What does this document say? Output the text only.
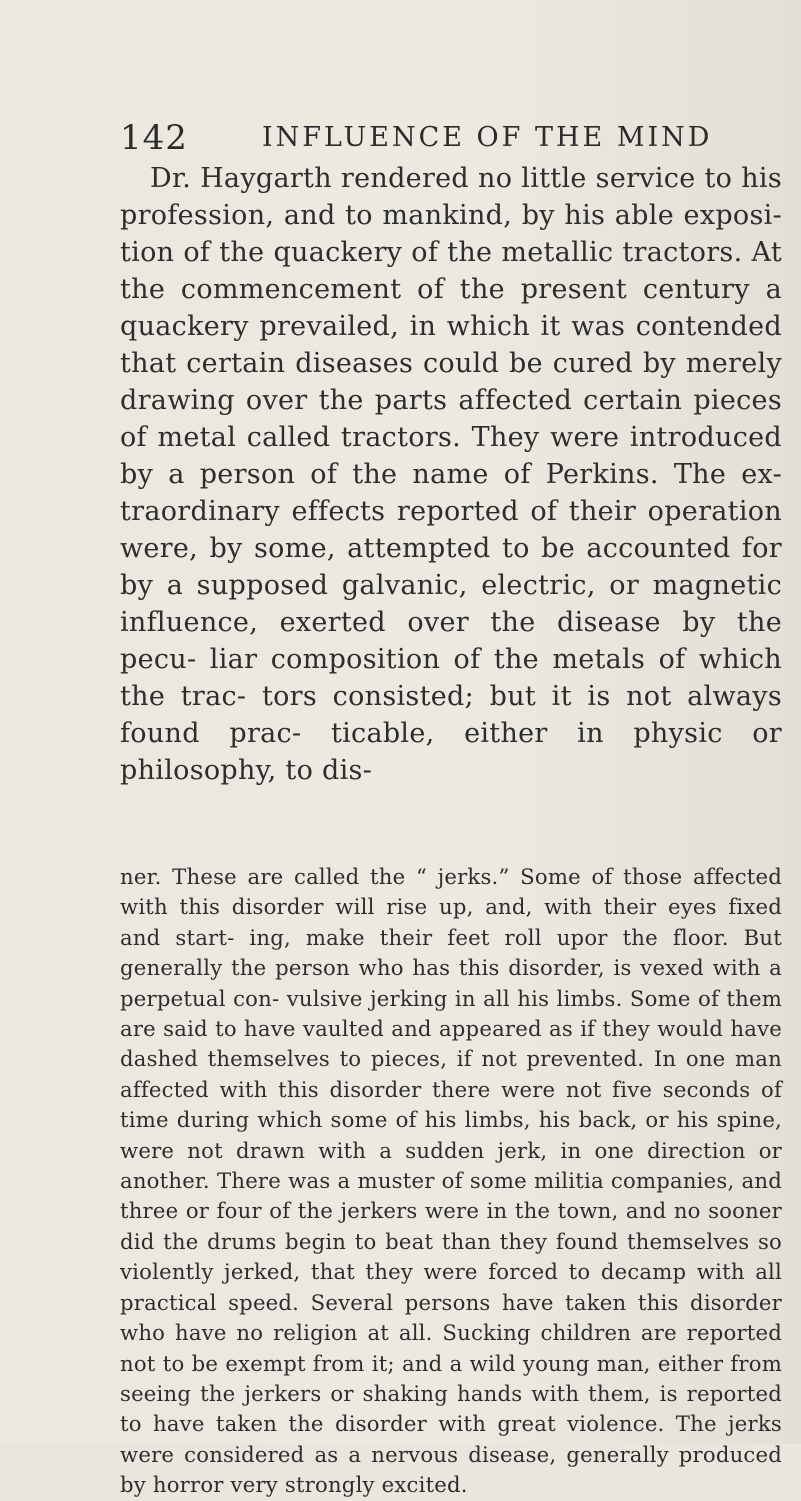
142	INFLUENCE OF THE MIND

Dr. Haygarth rendered no little service to his profession, and to mankind, by his able exposi- tion of the quackery of the metallic tractors. At the commencement of the present century a quackery prevailed, in which it was contended that certain diseases could be cured by merely drawing over the parts affected certain pieces of metal called tractors. They were introduced by a person of the name of Perkins. The ex- traordinary effects reported of their operation were, by some, attempted to be accounted for by a supposed galvanic, electric, or magnetic influence, exerted over the disease by the pecu- liar composition of the metals of which the trac- tors consisted; but it is not always found prac- ticable, either in physic or philosophy, to dis-

ner. These are called the “ jerks.” Some of those affected with this disorder will rise up, and, with their eyes fixed and start- ing, make their feet roll upor the floor. But generally the person who has this disorder, is vexed with a perpetual con- vulsive jerking in all his limbs. Some of them are said to have vaulted and appeared as if they would have dashed themselves to pieces, if not prevented. In one man affected with this disorder there were not five seconds of time during which some of his limbs, his back, or his spine, were not drawn with a sudden jerk, in one direction or another. There was a muster of some militia companies, and three or four of the jerkers were in the town, and no sooner did the drums begin to beat than they found themselves so violently jerked, that they were forced to decamp with all practical speed. Several persons have taken this disorder who have no religion at all. Sucking children are reported not to be exempt from it; and a wild young man, either from seeing the jerkers or shaking hands with them, is reported to have taken the disorder with great violence. The jerks were considered as a nervous disease, generally produced by horror very strongly excited.
